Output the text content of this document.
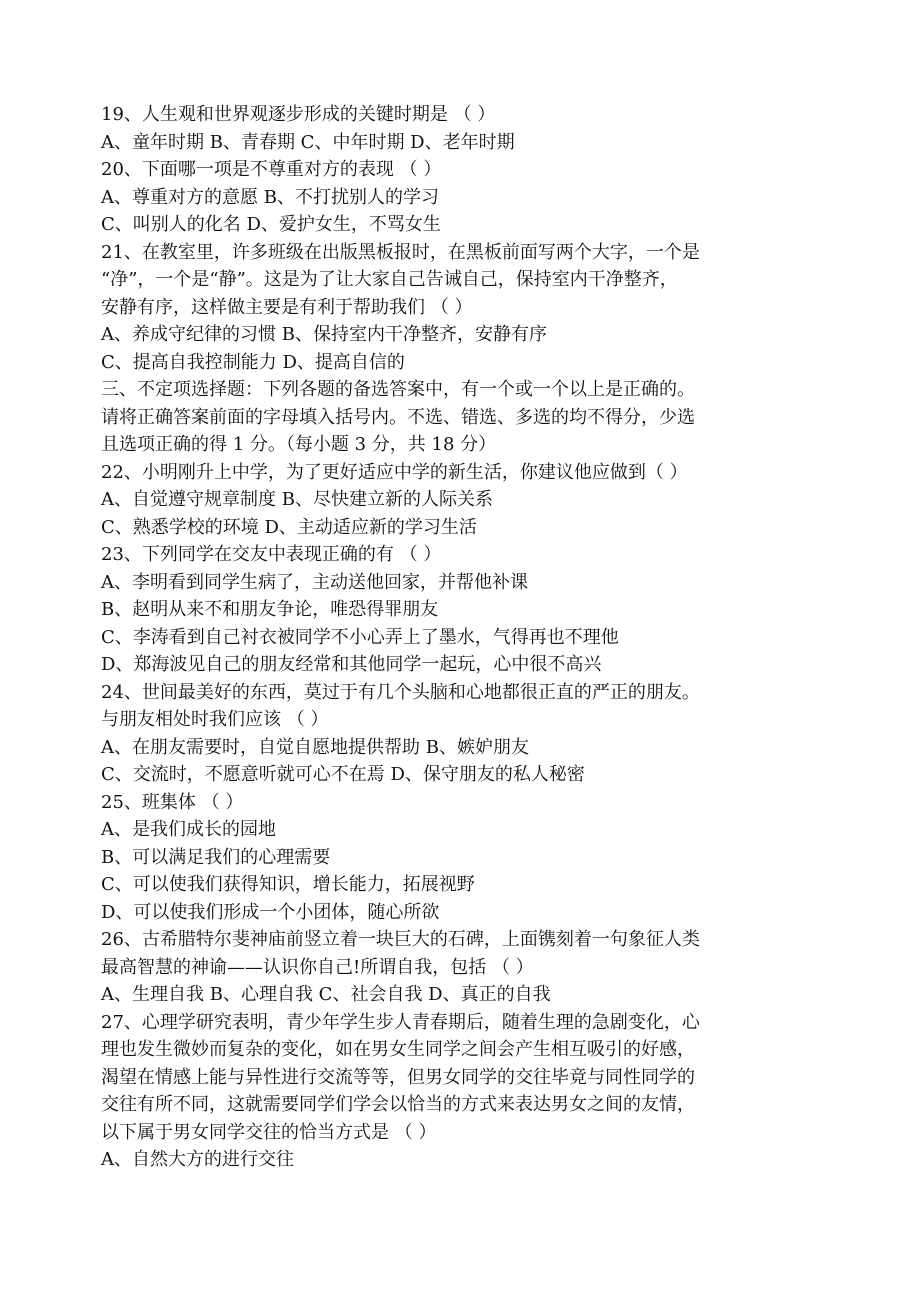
19、人生观和世界观逐步形成的关键时期是 （ ）

A、童年时期 B、青春期 C、中年时期 D、老年时期

20、下面哪一项是不尊重对方的表现 （ ）

A、尊重对方的意愿 B、不打扰别人的学习

C、叫别人的化名 D、爱护女生，不骂女生

21、在教室里，许多班级在出版黑板报时，在黑板前面写两个大字，一个是

“净”，一个是“静”。这是为了让大家自己告诫自己，保持室内干净整齐，

安静有序，这样做主要是有利于帮助我们 （ ）

A、养成守纪律的习惯 B、保持室内干净整齐，安静有序

C、提高自我控制能力 D、提高自信的

三、不定项选择题：下列各题的备选答案中，有一个或一个以上是正确的。

请将正确答案前面的字母填入括号内。不选、错选、多选的均不得分，少选

且选项正确的得 1 分。（每小题 3 分，共 18 分）

22、小明刚升上中学，为了更好适应中学的新生活，你建议他应做到（ ）

A、自觉遵守规章制度 B、尽快建立新的人际关系

C、熟悉学校的环境 D、主动适应新的学习生活

23、下列同学在交友中表现正确的有 （ ）

A、李明看到同学生病了，主动送他回家，并帮他补课

B、赵明从来不和朋友争论，唯恐得罪朋友

C、李涛看到自己衬衣被同学不小心弄上了墨水，气得再也不理他

D、郑海波见自己的朋友经常和其他同学一起玩，心中很不高兴

24、世间最美好的东西，莫过于有几个头脑和心地都很正直的严正的朋友。

与朋友相处时我们应该 （ ）

A、在朋友需要时，自觉自愿地提供帮助 B、嫉妒朋友

C、交流时，不愿意听就可心不在焉 D、保守朋友的私人秘密

25、班集体 （ ）

A、是我们成长的园地

B、可以满足我们的心理需要

C、可以使我们获得知识，增长能力，拓展视野

D、可以使我们形成一个小团体，随心所欲

26、古希腊特尔斐神庙前竖立着一块巨大的石碑，上面镌刻着一句象征人类

最高智慧的神谕——认识你自己!所谓自我，包括 （ ）

A、生理自我 B、心理自我 C、社会自我 D、真正的自我

27、心理学研究表明，青少年学生步人青春期后，随着生理的急剧变化，心

理也发生微妙而复杂的变化，如在男女生同学之间会产生相互吸引的好感，

渴望在情感上能与异性进行交流等等，但男女同学的交往毕竟与同性同学的

交往有所不同，这就需要同学们学会以恰当的方式来表达男女之间的友情，

以下属于男女同学交往的恰当方式是 （ ）

A、自然大方的进行交往
